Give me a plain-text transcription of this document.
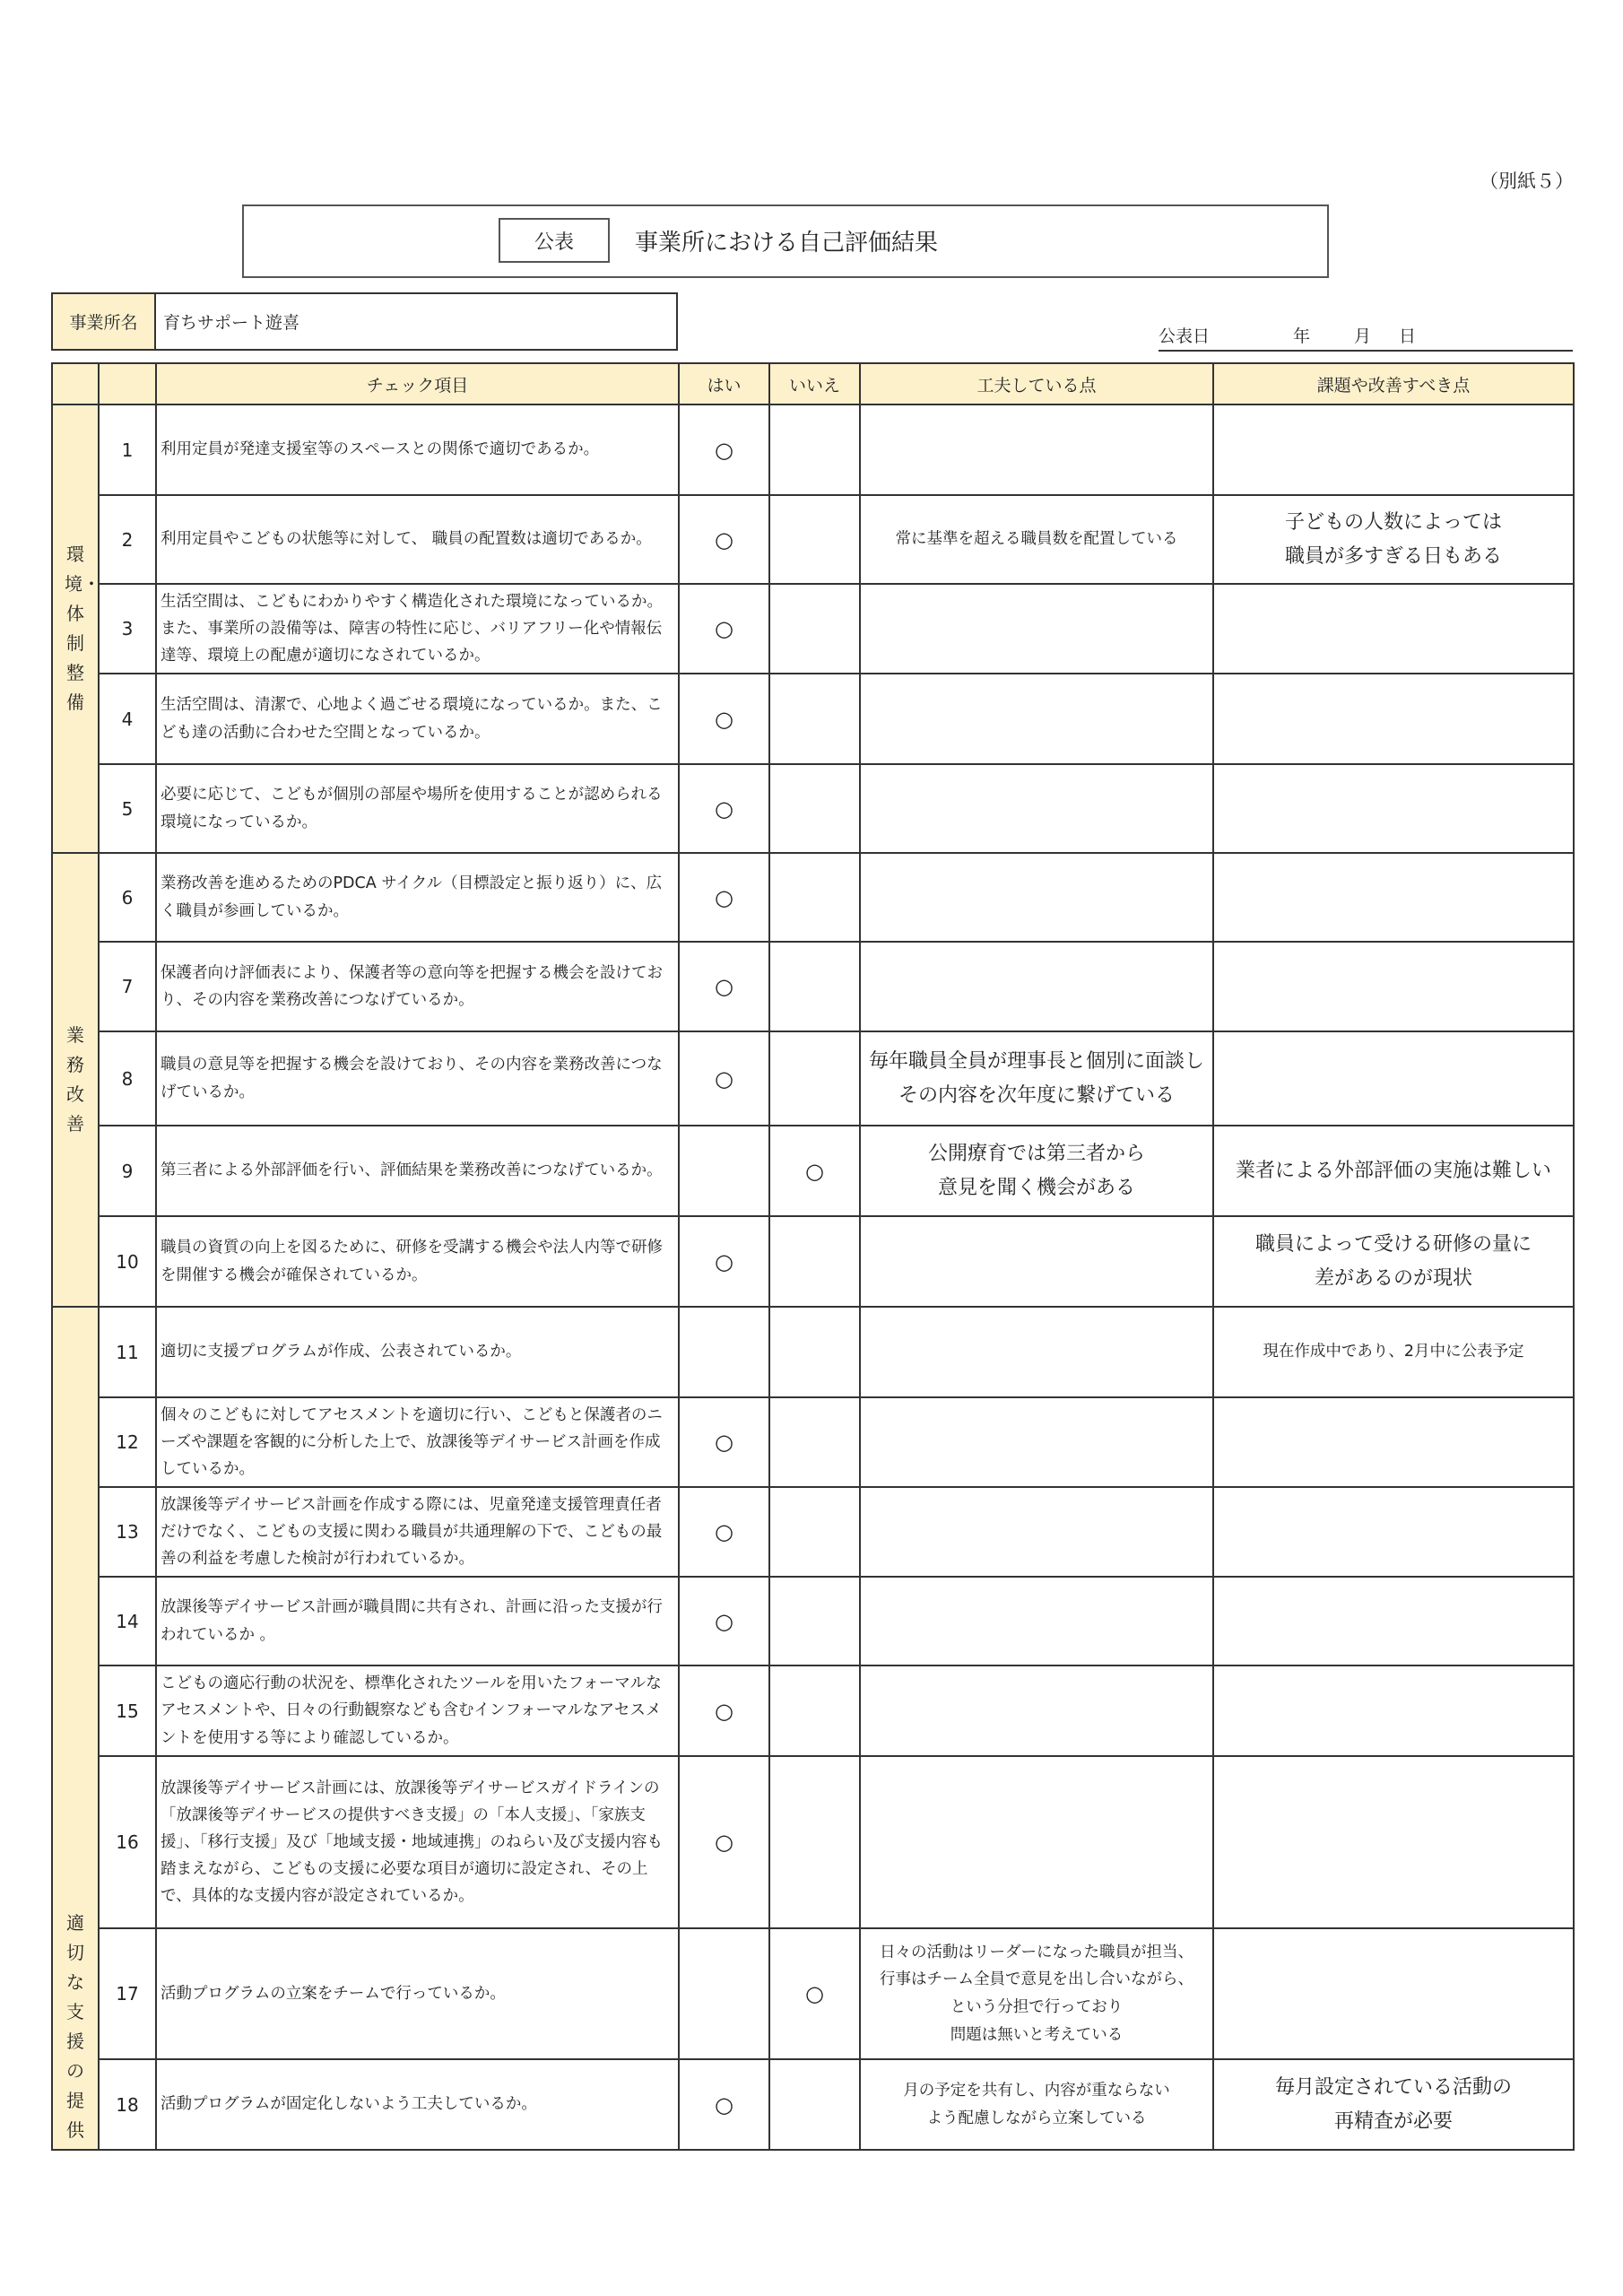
（別紙５）
公表	事業所における自己評価結果
事業所名	育ちサポート遊喜
公表日	年	月 日
		チェック項目	はい	いいえ	工夫している点	課題や改善すべき点
環境・体制整備	1	利用定員が発達支援室等のスペースとの関係で適切であるか。	○			
	2	利用定員やこどもの状態等に対して、 職員の配置数は適切であるか。	○		常に基準を超える職員数を配置している	子どもの人数によっては
職員が多すぎる日もある
	3	生活空間は、こどもにわかりやすく構造化された環境になっているか。また、事業所の設備等は、障害の特性に応じ、バリアフリー化や情報伝達等、環境上の配慮が適切になされているか。	○			
	4	生活空間は、清潔で、心地よく過ごせる環境になっているか。また、こども達の活動に合わせた空間となっているか。	○			
	5	必要に応じて、こどもが個別の部屋や場所を使用することが認められる環境になっているか。	○			
業務改善	6	業務改善を進めるためのPDCA サイクル（目標設定と振り返り）に、広く職員が参画しているか。	○			
	7	保護者向け評価表により、保護者等の意向等を把握する機会を設けており、その内容を業務改善につなげているか。	○			
	8	職員の意見等を把握する機会を設けており、その内容を業務改善につなげているか。	○		毎年職員全員が理事長と個別に面談し
その内容を次年度に繋げている	
	9	第三者による外部評価を行い、評価結果を業務改善につなげているか。		○	公開療育では第三者から
意見を聞く機会がある	業者による外部評価の実施は難しい
	10	職員の資質の向上を図るために、研修を受講する機会や法人内等で研修を開催する機会が確保されているか。	○			職員によって受ける研修の量に
差があるのが現状
適切な支援の提供	11	適切に支援プログラムが作成、公表されているか。				現在作成中であり、2月中に公表予定
	12	個々のこどもに対してアセスメントを適切に行い、こどもと保護者のニーズや課題を客観的に分析した上で、放課後等デイサービス計画を作成しているか。	○			
	13	放課後等デイサービス計画を作成する際には、児童発達支援管理責任者だけでなく、こどもの支援に関わる職員が共通理解の下で、こどもの最善の利益を考慮した検討が行われているか。	○			
	14	放課後等デイサービス計画が職員間に共有され、計画に沿った支援が行われているか 。	○			
	15	こどもの適応行動の状況を、標準化されたツールを用いたフォーマルなアセスメントや、日々の行動観察なども含むインフォーマルなアセスメントを使用する等により確認しているか。	○			
	16	放課後等デイサービス計画には、放課後等デイサービスガイドラインの「放課後等デイサービスの提供すべき支援」の「本人支援」、「家族支援」、「移行支援」及び「地域支援・地域連携」のねらい及び支援内容も踏まえながら、こどもの支援に必要な項目が適切に設定され、その上で、具体的な支援内容が設定されているか。	○			
	17	活動プログラムの立案をチームで行っているか。		○	日々の活動はリーダーになった職員が担当、
行事はチーム全員で意見を出し合いながら、
という分担で行っており
問題は無いと考えている	
	18	活動プログラムが固定化しないよう工夫しているか。	○		月の予定を共有し、内容が重ならない
よう配慮しながら立案している	毎月設定されている活動の
再精査が必要
